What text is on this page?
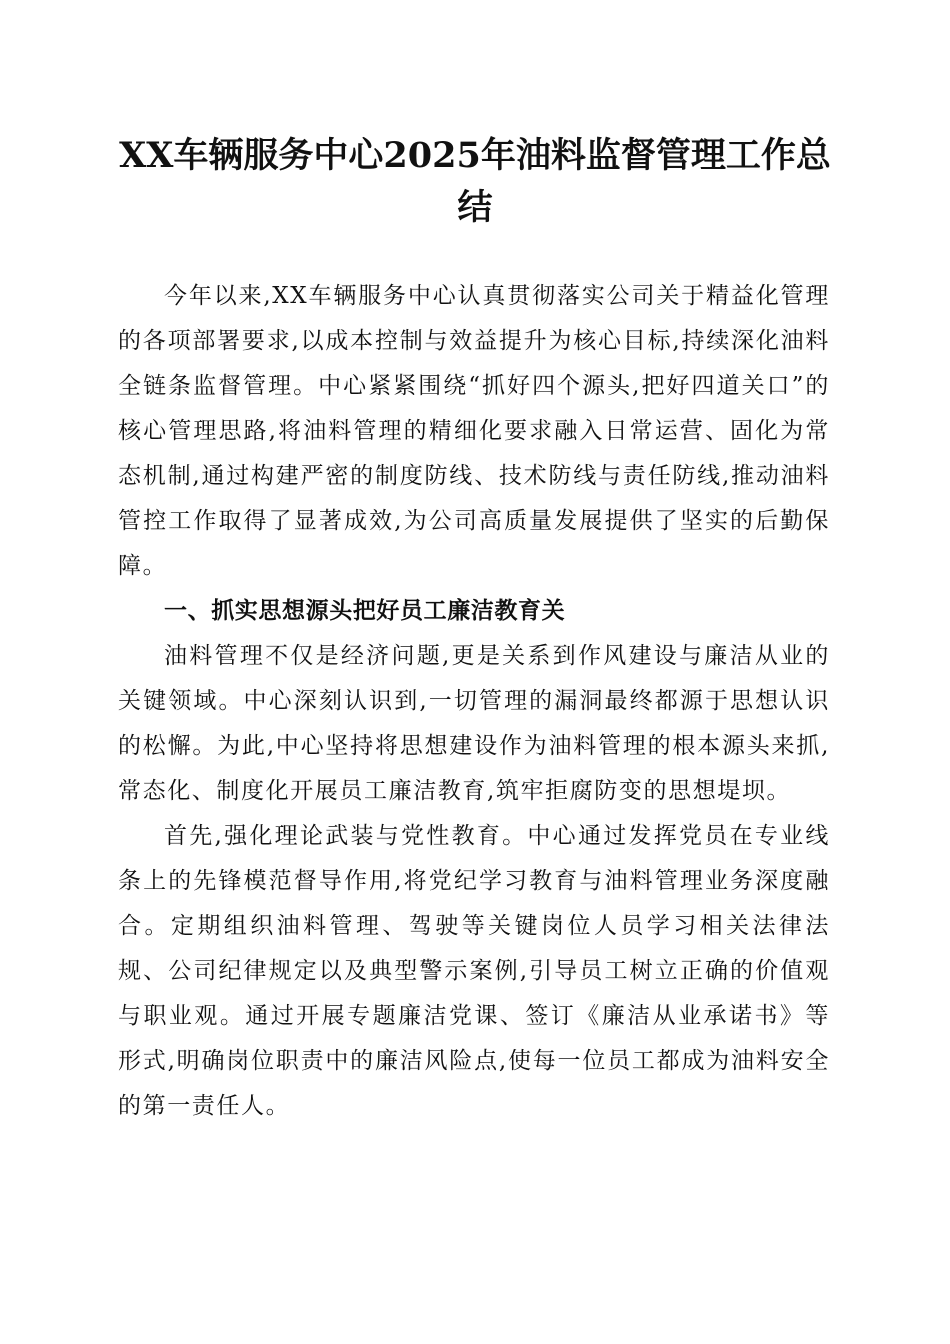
XX车辆服务中心2025年油料监督管理工作总结

今年以来,XX车辆服务中心认真贯彻落实公司关于精益化管理的各项部署要求,以成本控制与效益提升为核心目标,持续深化油料全链条监督管理。中心紧紧围绕“抓好四个源头,把好四道关口”的核心管理思路,将油料管理的精细化要求融入日常运营、固化为常态机制,通过构建严密的制度防线、技术防线与责任防线,推动油料管控工作取得了显著成效,为公司高质量发展提供了坚实的后勤保障。

一、抓实思想源头把好员工廉洁教育关

油料管理不仅是经济问题,更是关系到作风建设与廉洁从业的关键领域。中心深刻认识到,一切管理的漏洞最终都源于思想认识的松懈。为此,中心坚持将思想建设作为油料管理的根本源头来抓,常态化、制度化开展员工廉洁教育,筑牢拒腐防变的思想堤坝。

首先,强化理论武装与党性教育。中心通过发挥党员在专业线条上的先锋模范督导作用,将党纪学习教育与油料管理业务深度融合。定期组织油料管理、驾驶等关键岗位人员学习相关法律法规、公司纪律规定以及典型警示案例,引导员工树立正确的价值观与职业观。通过开展专题廉洁党课、签订《廉洁从业承诺书》等形式,明确岗位职责中的廉洁风险点,使每一位员工都成为油料安全的第一责任人。
